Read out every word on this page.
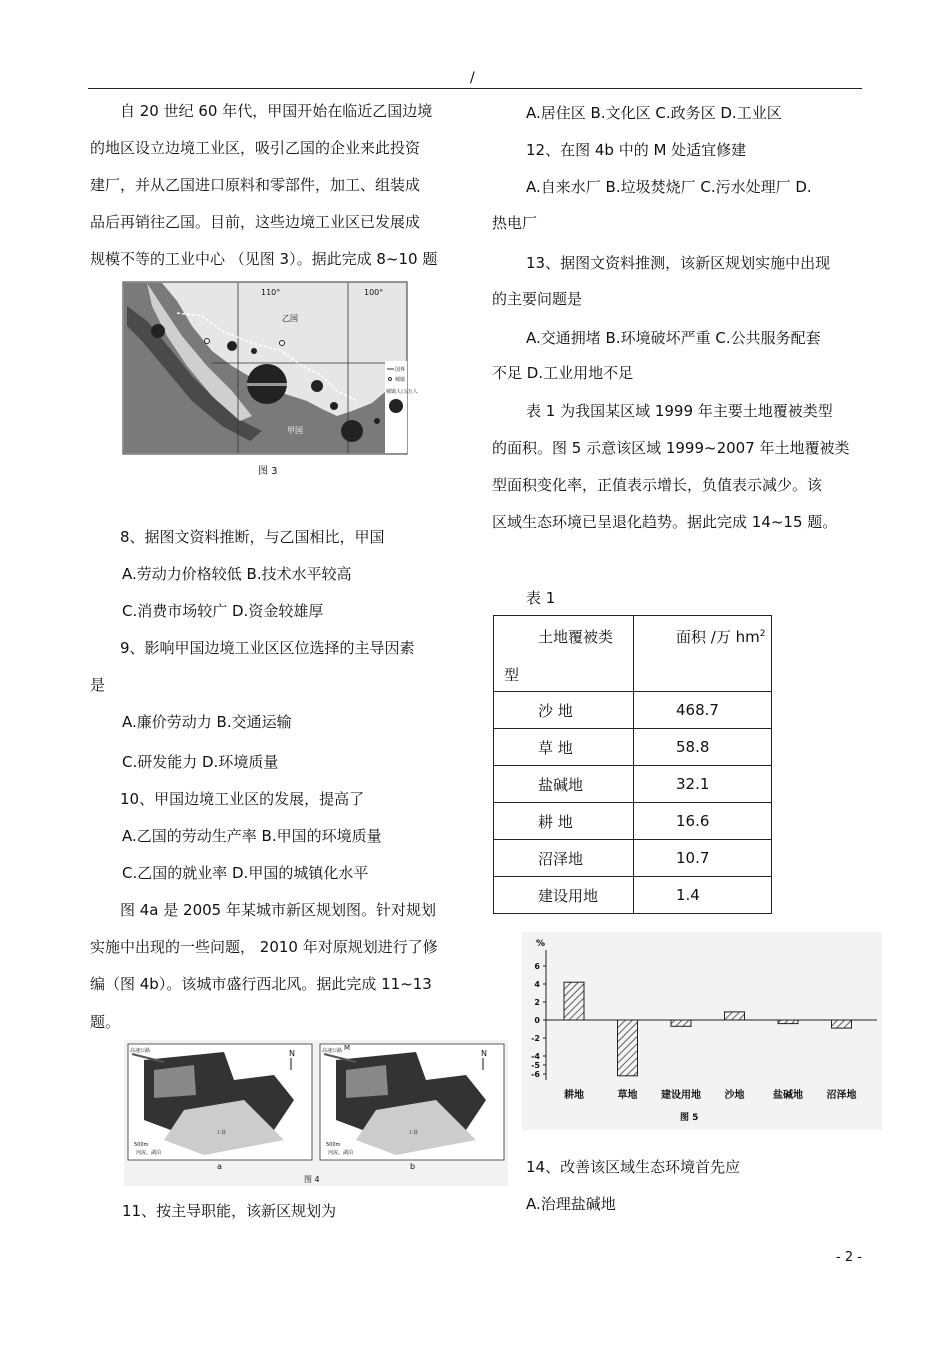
/
自 20 世纪 60 年代，甲国开始在临近乙国边境
的地区设立边境工业区，吸引乙国的企业来此投资
建厂，并从乙国进口原料和零部件，加工、组装成
品后再销往乙国。目前，这些边境工业区已发展成
规模不等的工业中心 （见图 3）。据此完成 8~10 题
110°	100°
乙国
甲国
国界
城镇
城镇人口/万人
图 3
8、据图文资料推断，与乙国相比，甲国
A.劳动力价格较低 B.技术水平较高
C.消费市场较广 D.资金较雄厚
9、影响甲国边境工业区区位选择的主导因素
是
A.廉价劳动力 B.交通运输
C.研发能力 D.环境质量
10、甲国边境工业区的发展，提高了
A.乙国的劳动生产率 B.甲国的环境质量
C.乙国的就业率 D.甲国的城镇化水平
图 4a 是 2005 年某城市新区规划图。针对规划
实施中出现的一些问题， 2010 年对原规划进行了修
编（图 4b）。该城市盛行西北风。据此完成 11~13
题。
高速公路	N
500m
工业
河流、湖泊
高速公路	N
M
500m
工业
河流、湖泊
a	b
图 4
11、按主导职能，该新区规划为
A.居住区 B.文化区 C.政务区 D.工业区
12、在图 4b 中的 M 处适宜修建
A.自来水厂 B.垃圾焚烧厂 C.污水处理厂 D.
热电厂
13、据图文资料推测，该新区规划实施中出现
的主要问题是
A.交通拥堵 B.环境破坏严重 C.公共服务配套
不足 D.工业用地不足
表 1 为我国某区域 1999 年主要土地覆被类型
的面积。图 5 示意该区域 1999~2007 年土地覆被类
型面积变化率，正值表示增长，负值表示减少。该
区域生态环境已呈退化趋势。据此完成 14~15 题。
表 1
土地覆被类
型	面积 /万 $hm^2$
沙 地	468.7
草 地	58.8
盐碱地	32.1
耕 地	16.6
沼泽地	10.7
建设用地	1.4
%
6
4
2
0
-2
-4
-5
-6
耕地	草地 建设用地 沙地	盐碱地 沼泽地
图 5
14、改善该区域生态环境首先应
A.治理盐碱地
- 2 -
